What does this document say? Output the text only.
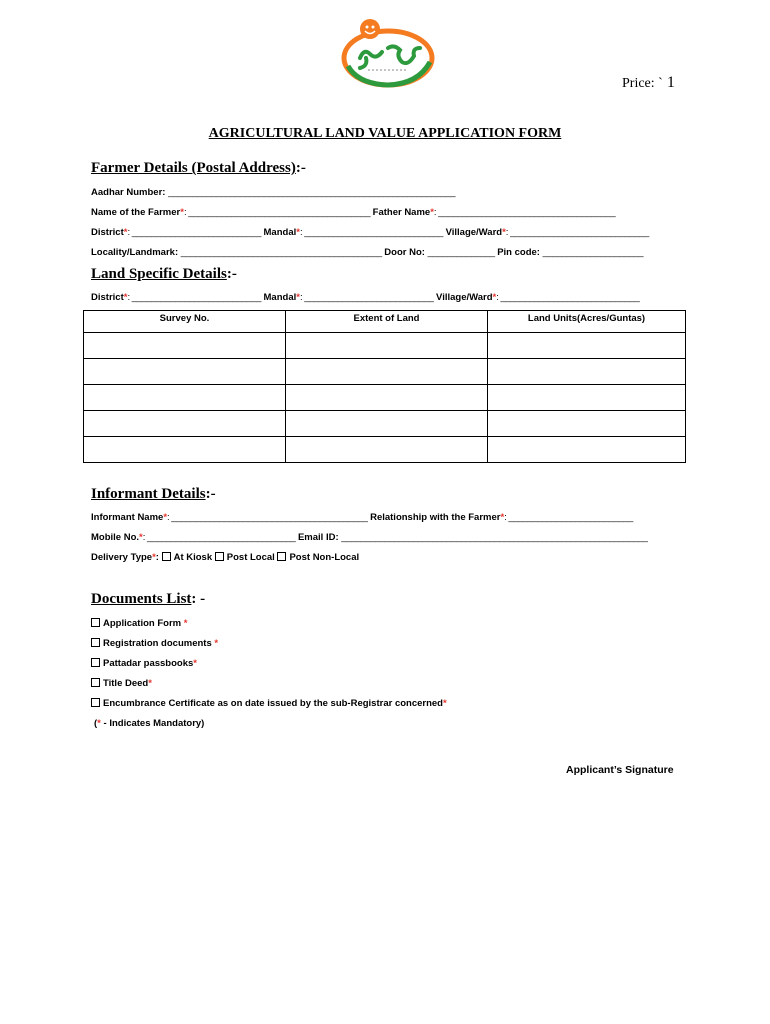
Price: ` 1
AGRICULTURAL LAND VALUE APPLICATION FORM
Farmer Details (Postal Address):-
Aadhar Number: ____________________________________________________________
Name of the Farmer*: ______________________________________ Father Name*: _____________________________________
District*: ___________________________ Mandal*: _____________________________ Village/Ward*: _____________________________
Locality/Landmark: __________________________________________ Door No: ______________ Pin code: _____________________
Land Specific Details:-
District*: ___________________________ Mandal*: ___________________________ Village/Ward*: _____________________________
Survey No.	Extent of Land	Land Units(Acres/Guntas)

Informant Details:-
Informant Name*: _________________________________________ Relationship with the Farmer*: __________________________
Mobile No.*: _______________________________ Email ID: ________________________________________________________________
Delivery Type*: At Kiosk Post Local Post Non-Local
Documents List: -
Application Form *
Registration documents *
Pattadar passbooks*
Title Deed*
Encumbrance Certificate as on date issued by the sub-Registrar concerned*
(* - Indicates Mandatory)
Applicant’s Signature
